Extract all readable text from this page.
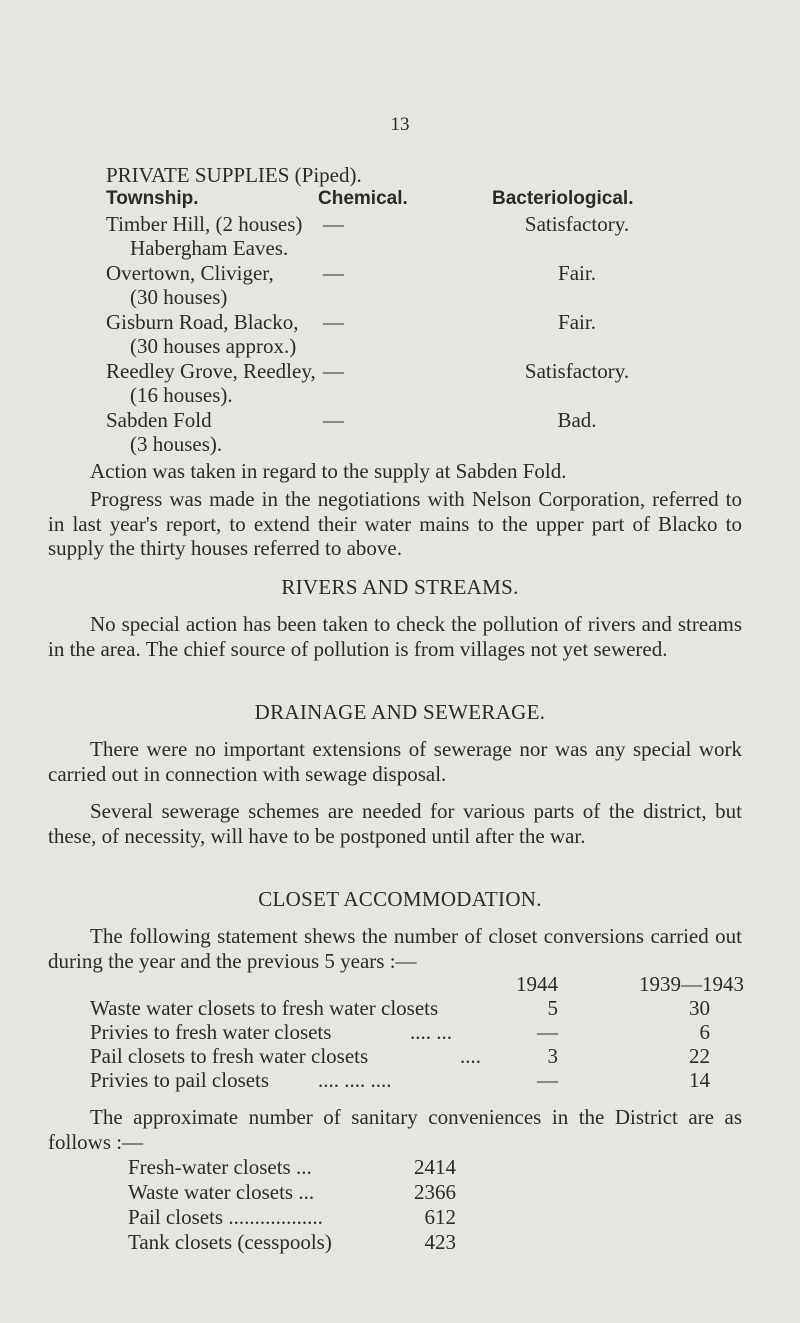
13
PRIVATE SUPPLIES (Piped).
Township.	Chemical.	Bacteriological.
Timber Hill, (2 houses)
Habergham Eaves.
—	Satisfactory.
Overtown, Cliviger,
(30 houses)
—	Fair.
Gisburn Road, Blacko,
(30 houses approx.)
—	Fair.
Reedley Grove, Reedley,
(16 houses).
—	Satisfactory.
Sabden Fold
(3 houses).
—	Bad.
Action was taken in regard to the supply at Sabden Fold.
Progress was made in the negotiations with Nelson Corporation, referred to in last year's report, to extend their water mains to the upper part of Blacko to supply the thirty houses referred to above.
RIVERS AND STREAMS.
No special action has been taken to check the pollution of rivers and streams in the area. The chief source of pollution is from villages not yet sewered.
DRAINAGE AND SEWERAGE.
There were no important extensions of sewerage nor was any special work carried out in connection with sewage disposal.
Several sewerage schemes are needed for various parts of the district, but these, of necessity, will have to be postponed until after the war.
CLOSET ACCOMMODATION.
The following statement shews the number of closet conversions carried out during the year and the previous 5 years :—
1944	1939—1943
Waste water closets to fresh water closets	5	30
Privies to fresh water closets	.... ...	—	6
Pail closets to fresh water closets	....	3	22
Privies to pail closets .... .... ....	—	14
The approximate number of sanitary conveniences in the District are as follows :—
Fresh-water closets ...	2414
Waste water closets ...	2366
Pail closets ..................	612
Tank closets (cesspools)	423
